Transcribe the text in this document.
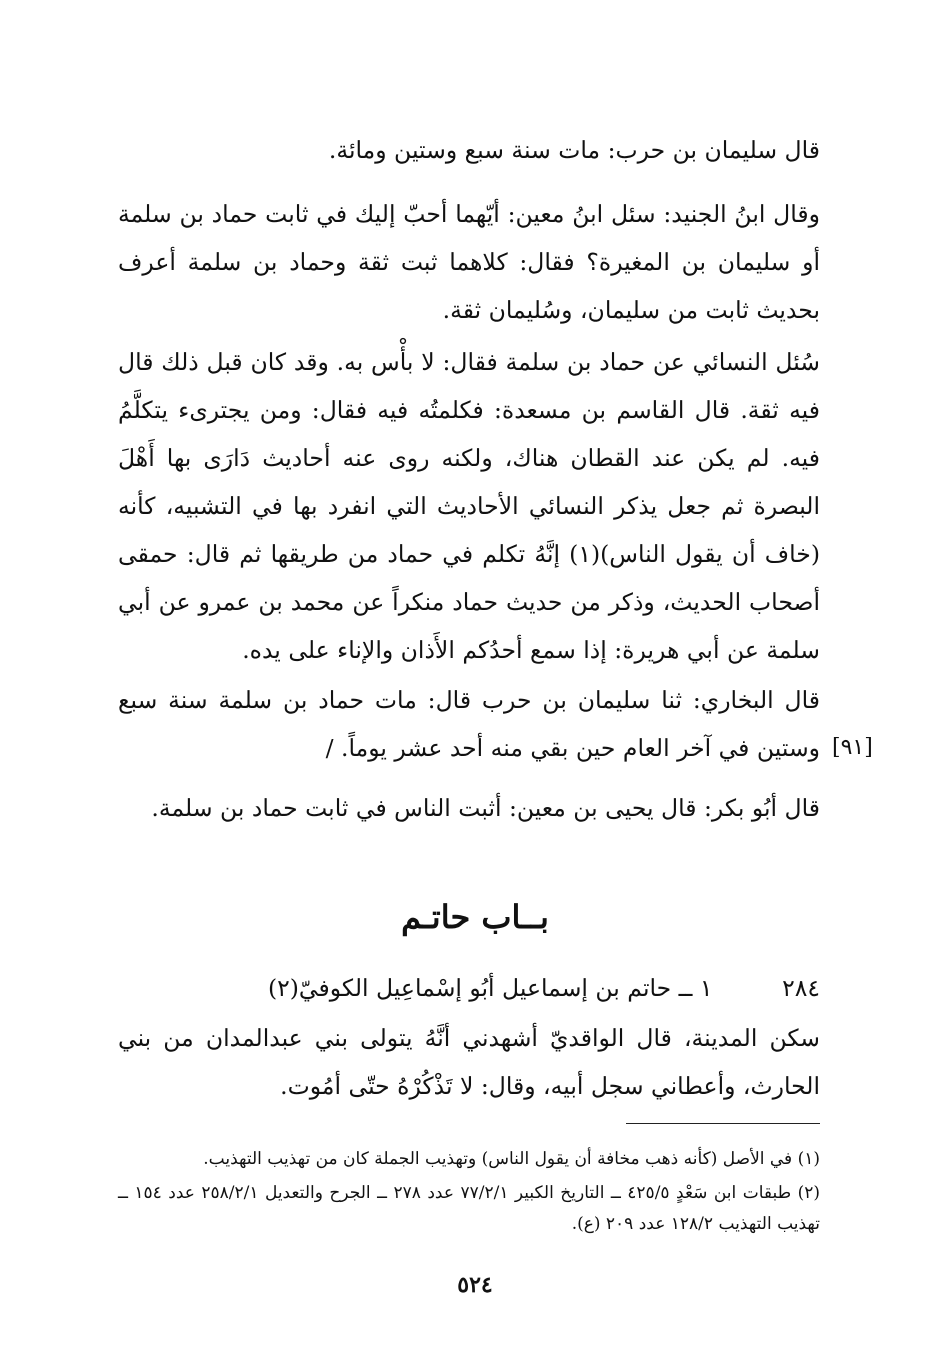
قال سليمان بن حرب: مات سنة سبع وستين ومائة.

وقال ابنُ الجنيد: سئل ابنُ معين: أيّهما أحبّ إليك في ثابت حماد بن سلمة أو سليمان بن المغيرة؟ فقال: كلاهما ثبت ثقة وحماد بن سلمة أعرف بحديث ثابت من سليمان، وسُليمان ثقة.

سُئل النسائي عن حماد بن سلمة فقال: لا بأْس به. وقد كان قبل ذلك قال فيه ثقة. قال القاسم بن مسعدة: فكلمتُه فيه فقال: ومن يجترىء يتكلَّمُ فيه. لم يكن عند القطان هناك، ولكنه روى عنه أحاديث دَارَى بها أَهْلَ البصرة ثم جعل يذكر النسائي الأحاديث التي انفرد بها في التشبيه، كأنه (خاف أن يقول الناس)(١) إنَّهُ تكلم في حماد من طريقها ثم قال: حمقى أصحاب الحديث، وذكر من حديث حماد منكراً عن محمد بن عمرو عن أبي سلمة عن أبي هريرة: إذا سمع أحدُكم الأَذان والإناء على يده.

قال البخاري: ثنا سليمان بن حرب قال: مات حماد بن سلمة سنة سبع وستين في آخر العام حين بقي منه أحد عشر يوماً. / [٩١]

قال أبُو بكر: قال يحيى بن معين: أثبت الناس في ثابت حماد بن سلمة.

بــاب حاتـم
٢٨٤ ١ ــ حاتم بن إسماعيل أبُو إسْماعِيل الكوفيّ(٢)

سكن المدينة، قال الواقديّ أشهدني أنَّهُ يتولى بني عبدالمدان من بني الحارث، وأعطاني سجل أبيه، وقال: لا تَذْكُرْهُ حتّى أمُوت.

(١) في الأصل (كأنه ذهب مخافة أن يقول الناس) وتهذيب الجملة كان من تهذيب التهذيب.

(٢) طبقات ابن سَعْدٍ ٤٢٥/٥ ــ التاريخ الكبير ٧٧/٢/١ عدد ٢٧٨ ــ الجرح والتعديل ٢٥٨/٢/١ عدد ١٥٤ ــ تهذيب التهذيب ١٢٨/٢ عدد ٢٠٩ (ع).

٥٢٤
